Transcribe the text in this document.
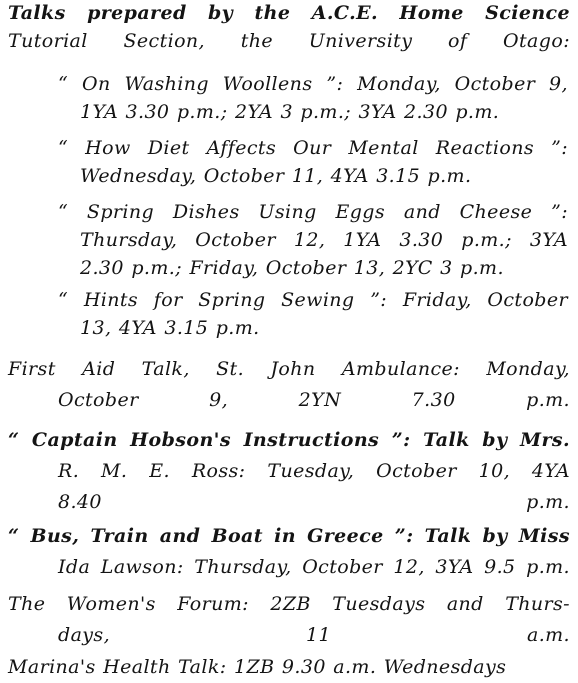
Talks prepared by the A.C.E. Home Science
Tutorial Section, the University of Otago:
“ On Washing Woollens ”: Monday, October 9,
1YA 3.30 p.m.; 2YA 3 p.m.; 3YA 2.30 p.m.
“ How Diet Affects Our Mental Reactions ”:
Wednesday, October 11, 4YA 3.15 p.m.
“ Spring Dishes Using Eggs and Cheese ”:
Thursday, October 12, 1YA 3.30 p.m.; 3YA
2.30 p.m.; Friday, October 13, 2YC 3 p.m.
“ Hints for Spring Sewing ”: Friday, October
13, 4YA 3.15 p.m.
First Aid Talk, St. John Ambulance: Monday,
October 9, 2YN 7.30 p.m.
“ Captain Hobson's Instructions ”: Talk by Mrs.
R. M. E. Ross: Tuesday, October 10, 4YA
8.40 p.m.
“ Bus, Train and Boat in Greece ”: Talk by Miss
Ida Lawson: Thursday, October 12, 3YA 9.5 p.m.
The Women's Forum: 2ZB Tuesdays and Thurs-
days, 11 a.m.
Marina's Health Talk: 1ZB 9.30 a.m. Wednesdays
